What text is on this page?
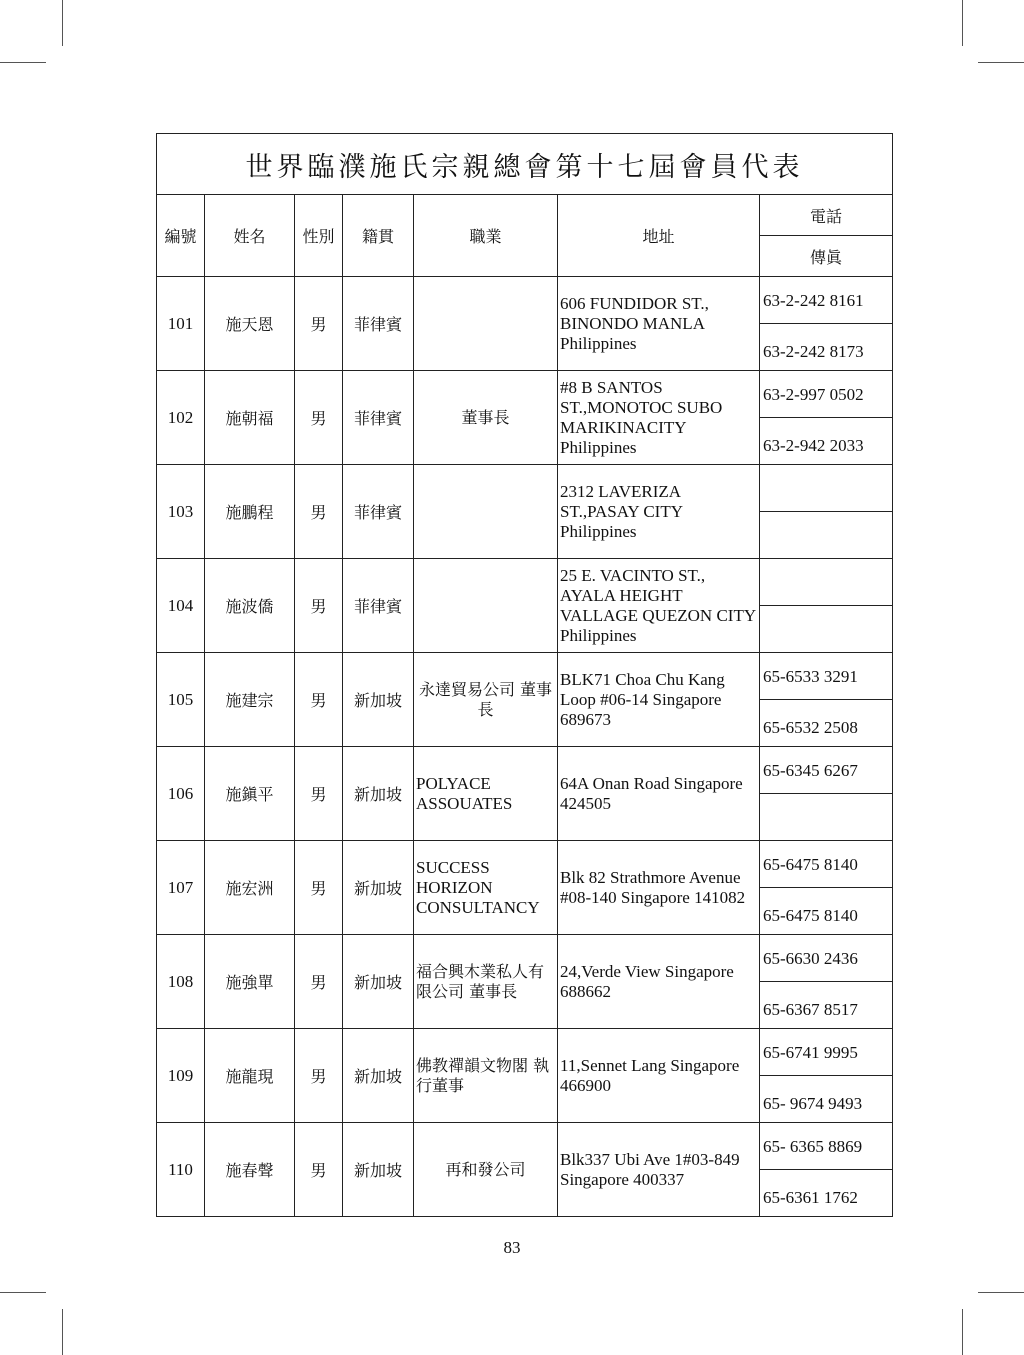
世界臨濮施氏宗親總會第十七屆會員代表						
編號	姓名	性別	籍貫	職業	地址	電話
						傳眞
101	施天恩	男	菲律賓		606 FUNDIDOR ST., BINONDO MANLA Philippines	63-2-242 8161

						63-2-242 8173

102	施朝福	男	菲律賓	董事長	#8 B SANTOS ST.,MONOTOC SUBO MARIKINACITY Philippines	63-2-997 0502

						63-2-942 2033

103	施鵬程	男	菲律賓		2312 LAVERIZA ST.,PASAY CITY Philippines	

104	施波僑	男	菲律賓		25 E. VACINTO ST., AYALA HEIGHT VALLAGE QUEZON CITY Philippines	

105	施建宗	男	新加坡	永達貿易公司 董事長	BLK71 Choa Chu Kang Loop #06-14 Singapore 689673	65-6533 3291

						65-6532 2508

106	施鎭平	男	新加坡	POLYACE ASSOUATES	64A Onan Road Singapore 424505	65-6345 6267

107	施宏洲	男	新加坡	SUCCESS HORIZON CONSULTANCY	Blk 82 Strathmore Avenue #08-140 Singapore 141082	65-6475 8140

						65-6475 8140

108	施強單	男	新加坡	福合興木業私人有限公司 董事長	24,Verde View Singapore 688662	65-6630 2436

						65-6367 8517

109	施龍現	男	新加坡	佛教禪韻文物閣 執行董事	11,Sennet Lang Singapore 466900	65-6741 9995

						65- 9674 9493

110	施春聲	男	新加坡	再和發公司	Blk337 Ubi Ave 1#03-849 Singapore 400337	65- 6365 8869

						65-6361 1762
83
